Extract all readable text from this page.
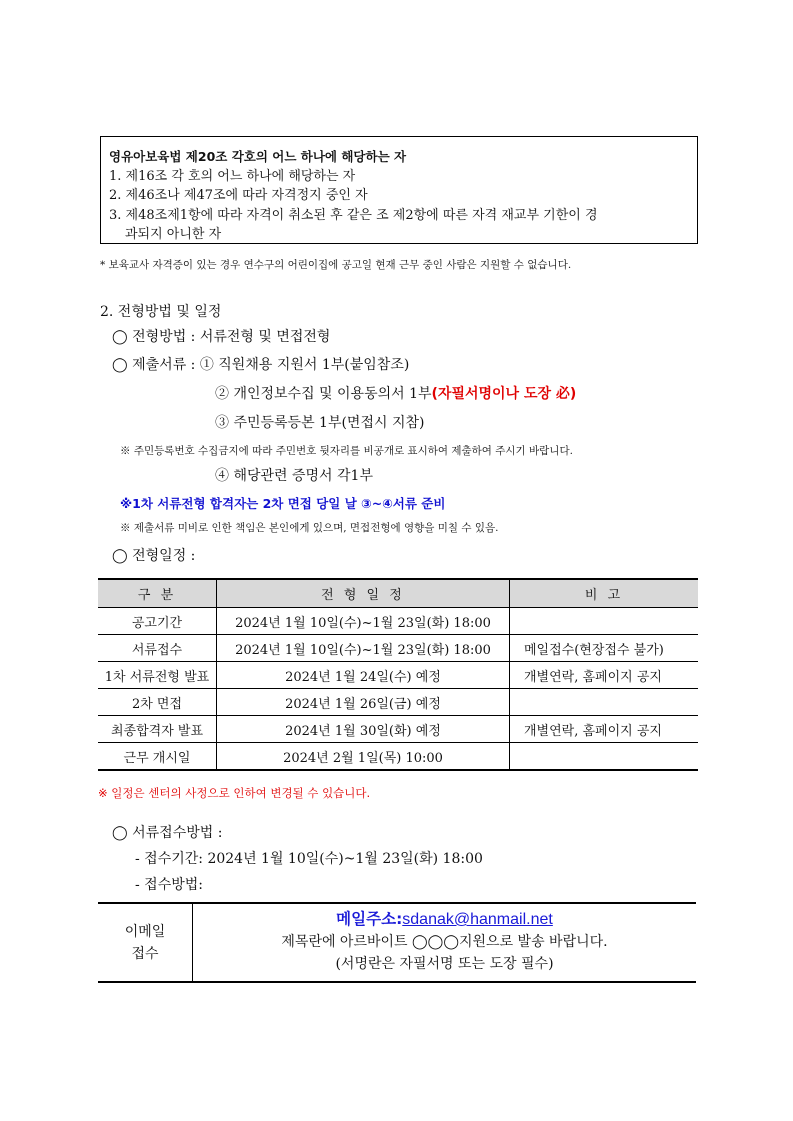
영유아보육법 제20조 각호의 어느 하나에 해당하는 자
1. 제16조 각 호의 어느 하나에 해당하는 자
2. 제46조나 제47조에 따라 자격정지 중인 자
3. 제48조제1항에 따라 자격이 취소된 후 같은 조 제2항에 따른 자격 재교부 기한이 경
과되지 아니한 자
* 보육교사 자격증이 있는 경우 연수구의 어린이집에 공고일 현재 근무 중인 사람은 지원할 수 없습니다.
2. 전형방법 및 일정
◯ 전형방법 : 서류전형 및 면접전형
◯ 제출서류 : ① 직원채용 지원서 1부(붙임참조)
② 개인정보수집 및 이용동의서 1부(자필서명이나 도장 必)
③ 주민등록등본 1부(면접시 지참)
※ 주민등록번호 수집금지에 따라 주민번호 뒷자리를 비공개로 표시하여 제출하여 주시기 바랍니다.
④ 해당관련 증명서 각1부
※1차 서류전형 합격자는 2차 면접 당일 날 ③~④서류 준비
※ 제출서류 미비로 인한 책임은 본인에게 있으며, 면접전형에 영향을 미칠 수 있음.
◯ 전형일정 :
구 분	전 형 일 정	비 고
공고기간	2024년 1월 10일(수)~1월 23일(화) 18:00	
서류접수	2024년 1월 10일(수)~1월 23일(화) 18:00	메일접수(현장접수 불가)
1차 서류전형 발표	2024년 1월 24일(수) 예정	개별연락, 홈페이지 공지
2차 면접	2024년 1월 26일(금) 예정	
최종합격자 발표	2024년 1월 30일(화) 예정	개별연락, 홈페이지 공지
근무 개시일	2024년 2월 1일(목) 10:00	
※ 일정은 센터의 사정으로 인하여 변경될 수 있습니다.
◯ 서류접수방법 :
- 접수기간: 2024년 1월 10일(수)~1월 23일(화) 18:00
- 접수방법:
이메일
접수

메일주소:sdanak@hanmail.net
제목란에 아르바이트 ◯◯◯지원으로 발송 바랍니다.
(서명란은 자필서명 또는 도장 필수)
